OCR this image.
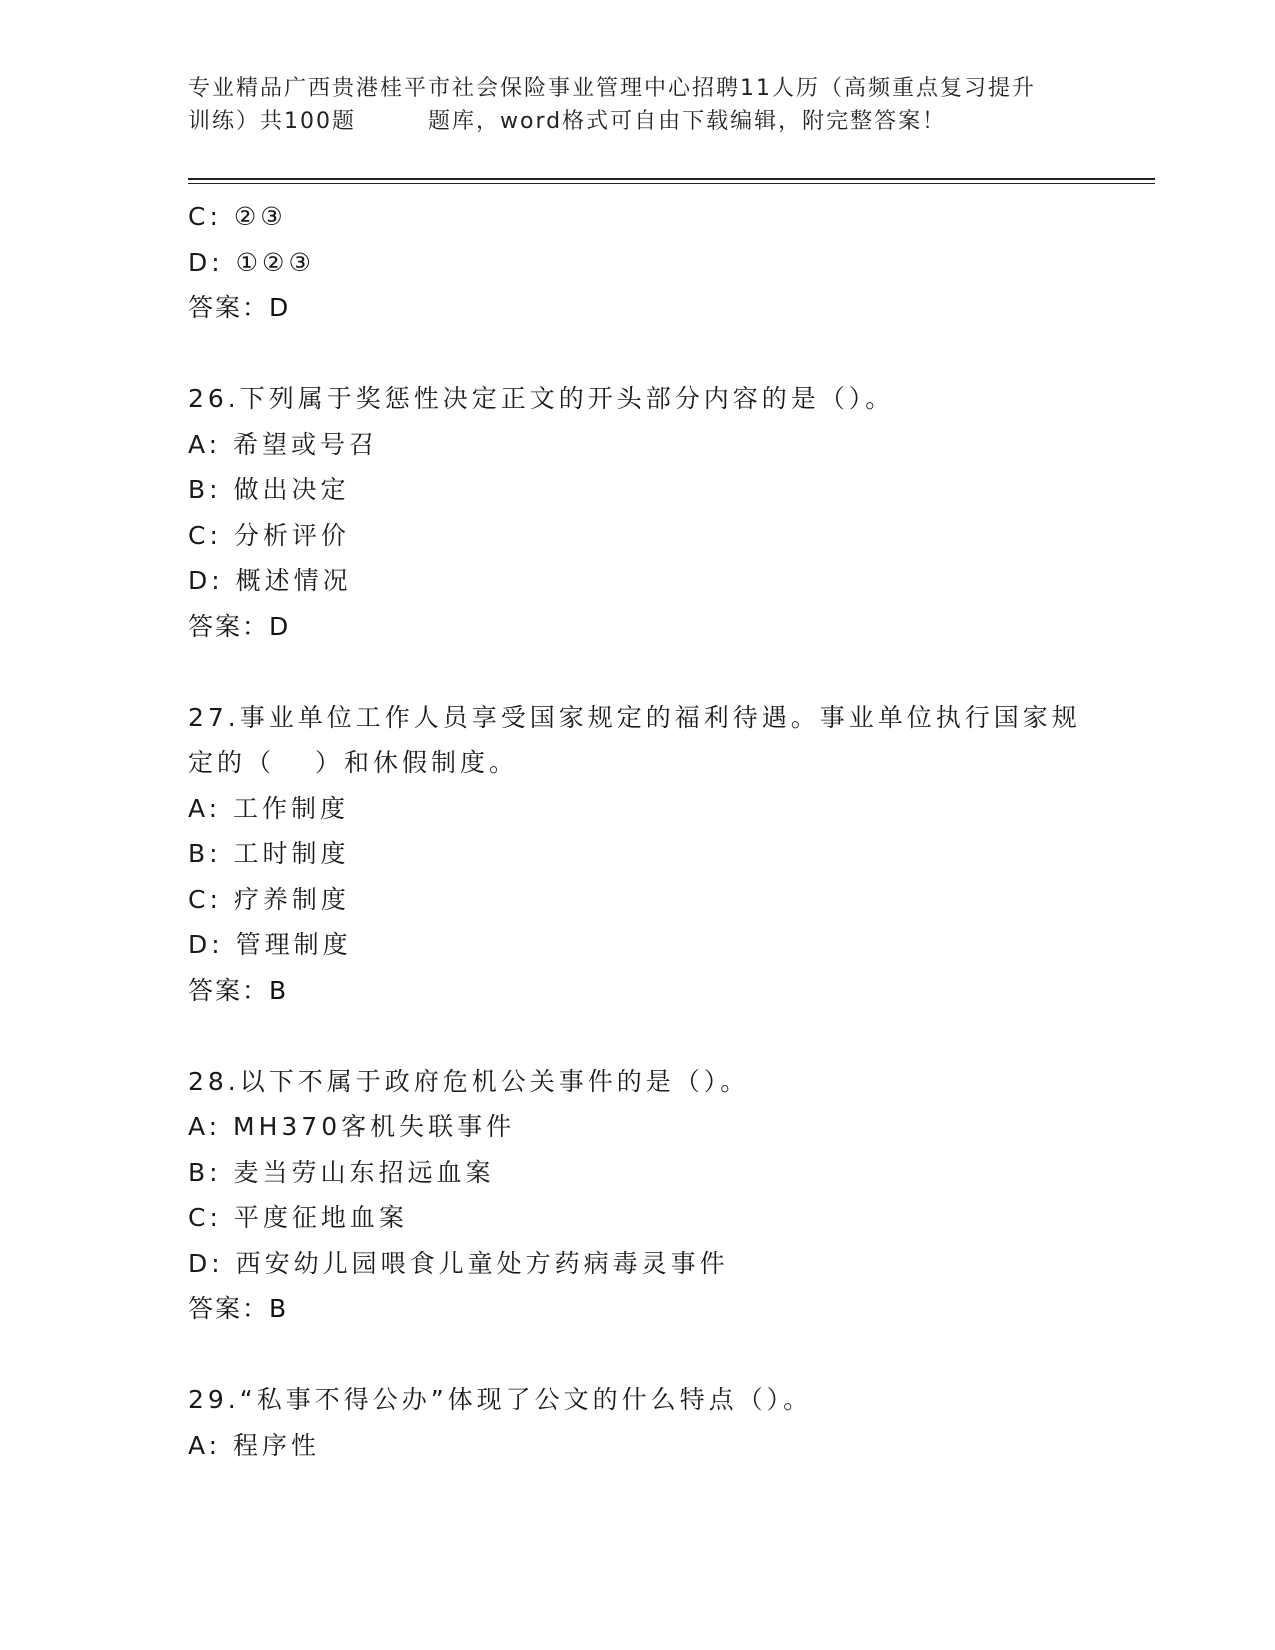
专业精品广西贵港桂平市社会保险事业管理中心招聘11人历（高频重点复习提升
训练）共100题	题库，word格式可自由下载编辑，附完整答案！
C: ②③
D: ①②③
答案：D
26.下列属于奖惩性决定正文的开头部分内容的是（）。
A: 希望或号召
B: 做出决定
C: 分析评价
D: 概述情况
答案：D
27.事业单位工作人员享受国家规定的福利待遇。事业单位执行国家规
定的（ ）和休假制度。
A: 工作制度
B: 工时制度
C: 疗养制度
D: 管理制度
答案：B
28.以下不属于政府危机公关事件的是（）。
A: MH370客机失联事件
B: 麦当劳山东招远血案
C: 平度征地血案
D: 西安幼儿园喂食儿童处方药病毒灵事件
答案：B
29.“私事不得公办”体现了公文的什么特点（）。
A: 程序性
